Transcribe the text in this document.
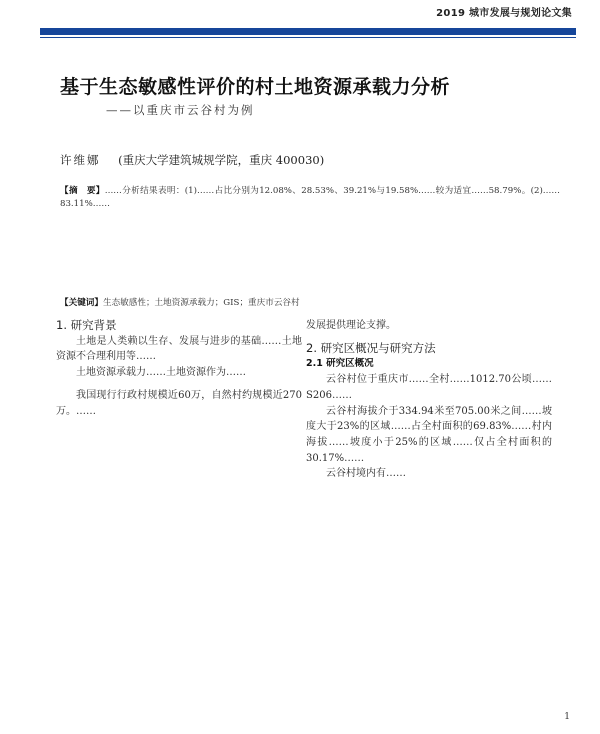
2019 城市发展与规划论文集
基于生态敏感性评价的村土地资源承载力分析
——以重庆市云谷村为例
许维娜 (重庆大学建筑城规学院，重庆 400030)
【摘　要】……分析结果表明：(1)……占比分别为12.08%、28.53%、39.21%与19.58%……较为适宜……58.79%。(2)……83.11%……
【关键词】生态敏感性；土地资源承载力；GIS；重庆市云谷村

1. 研究背景

土地是人类赖以生存、发展与进步的基础……土地资源不合理利用等……

土地资源承载力……土地资源作为……

我国现行行政村规模近60万，自然村约规模近270万。……

发展提供理论支撑。

2. 研究区概况与研究方法

2.1 研究区概况

云谷村位于重庆市……全村……1012.70公顷……S206……

云谷村海拔介于334.94米至705.00米之间……坡度大于23%的区域……占全村面积的69.83%……村内海拔……坡度小于25%的区域……仅占全村面积的30.17%……

云谷村境内有……

1
